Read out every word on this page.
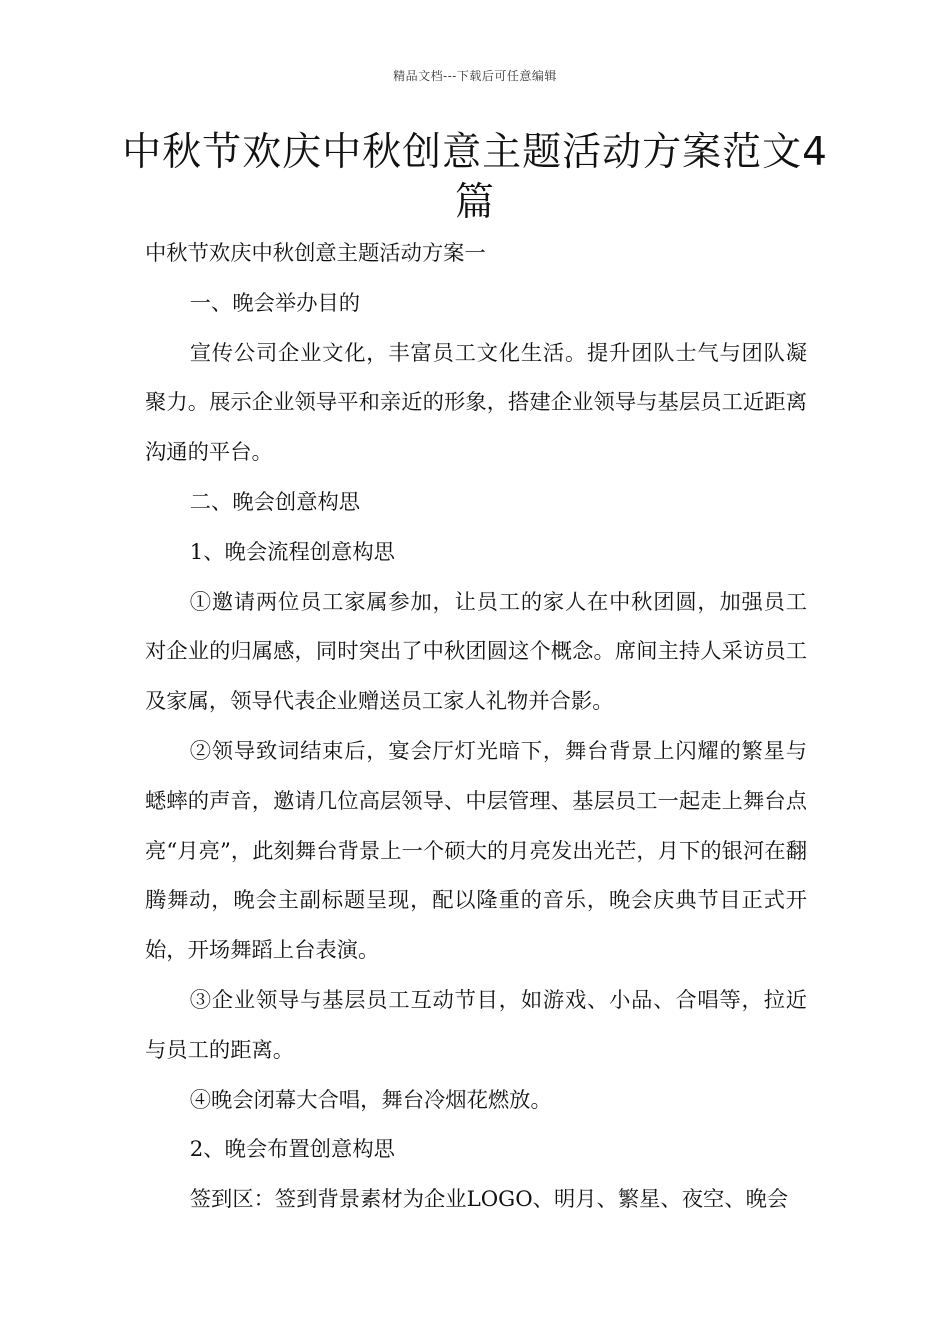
精品文档---下载后可任意编辑
中秋节欢庆中秋创意主题活动方案范文4篇

中秋节欢庆中秋创意主题活动方案一

一、晚会举办目的

宣传公司企业文化，丰富员工文化生活。提升团队士气与团队凝聚力。展示企业领导平和亲近的形象，搭建企业领导与基层员工近距离沟通的平台。

二、晚会创意构思

1、晚会流程创意构思

①邀请两位员工家属参加，让员工的家人在中秋团圆，加强员工对企业的归属感，同时突出了中秋团圆这个概念。席间主持人采访员工及家属，领导代表企业赠送员工家人礼物并合影。

②领导致词结束后，宴会厅灯光暗下，舞台背景上闪耀的繁星与蟋蟀的声音，邀请几位高层领导、中层管理、基层员工一起走上舞台点亮“月亮”，此刻舞台背景上一个硕大的月亮发出光芒，月下的银河在翻腾舞动，晚会主副标题呈现，配以隆重的音乐，晚会庆典节目正式开始，开场舞蹈上台表演。

③企业领导与基层员工互动节目，如游戏、小品、合唱等，拉近与员工的距离。

④晚会闭幕大合唱，舞台冷烟花燃放。

2、晚会布置创意构思

签到区：签到背景素材为企业LOGO、明月、繁星、夜空、晚会
